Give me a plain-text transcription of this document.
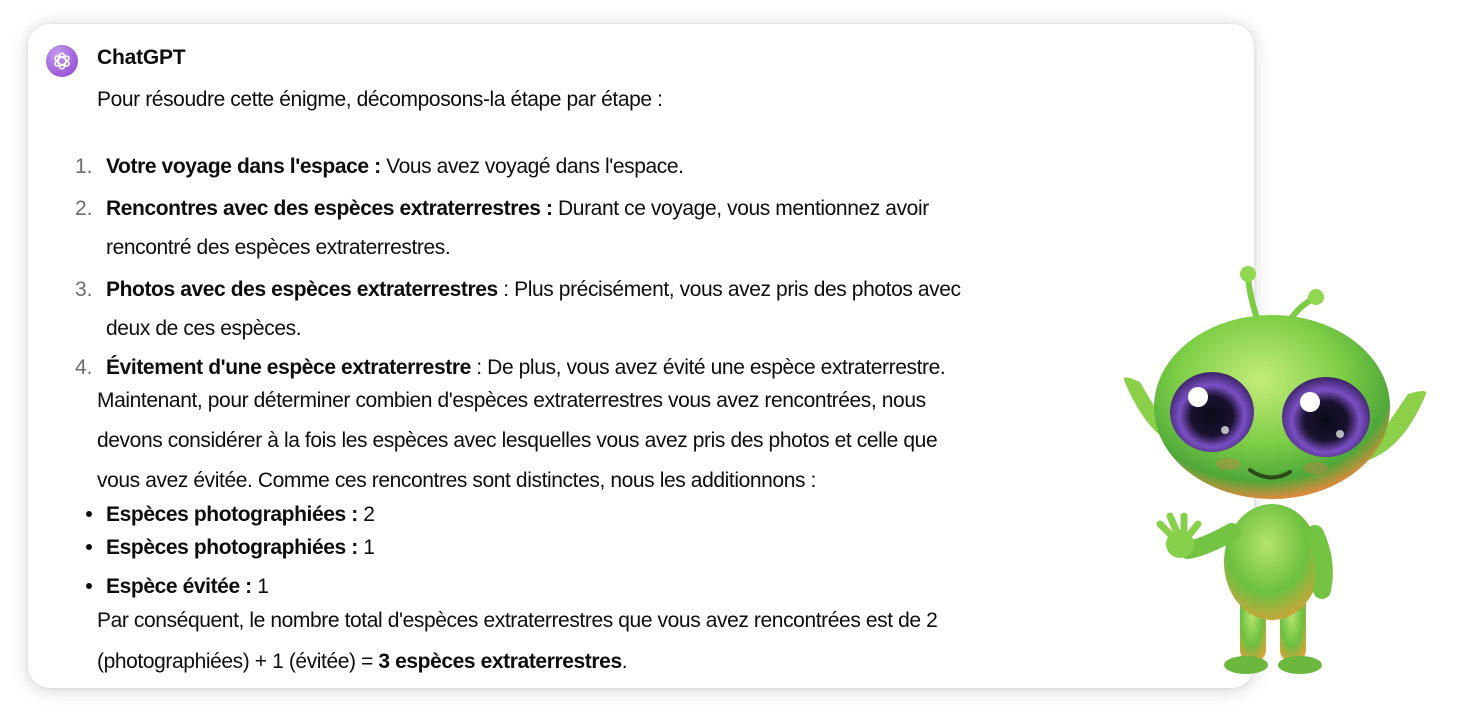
ChatGPT
Pour résoudre cette énigme, décomposons-la étape par étape :
1. Votre voyage dans l'espace : Vous avez voyagé dans l'espace.
2. Rencontres avec des espèces extraterrestres : Durant ce voyage, vous mentionnez avoir
rencontré des espèces extraterrestres.
3. Photos avec des espèces extraterrestres : Plus précisément, vous avez pris des photos avec
deux de ces espèces.
4. Évitement d'une espèce extraterrestre : De plus, vous avez évité une espèce extraterrestre.
Maintenant, pour déterminer combien d'espèces extraterrestres vous avez rencontrées, nous
devons considérer à la fois les espèces avec lesquelles vous avez pris des photos et celle que
vous avez évitée. Comme ces rencontres sont distinctes, nous les additionnons :
Espèces photographiées : 2
Espèces photographiées : 1
Espèce évitée : 1
Par conséquent, le nombre total d'espèces extraterrestres que vous avez rencontrées est de 2
(photographiées) + 1 (évitée) = 3 espèces extraterrestres.
